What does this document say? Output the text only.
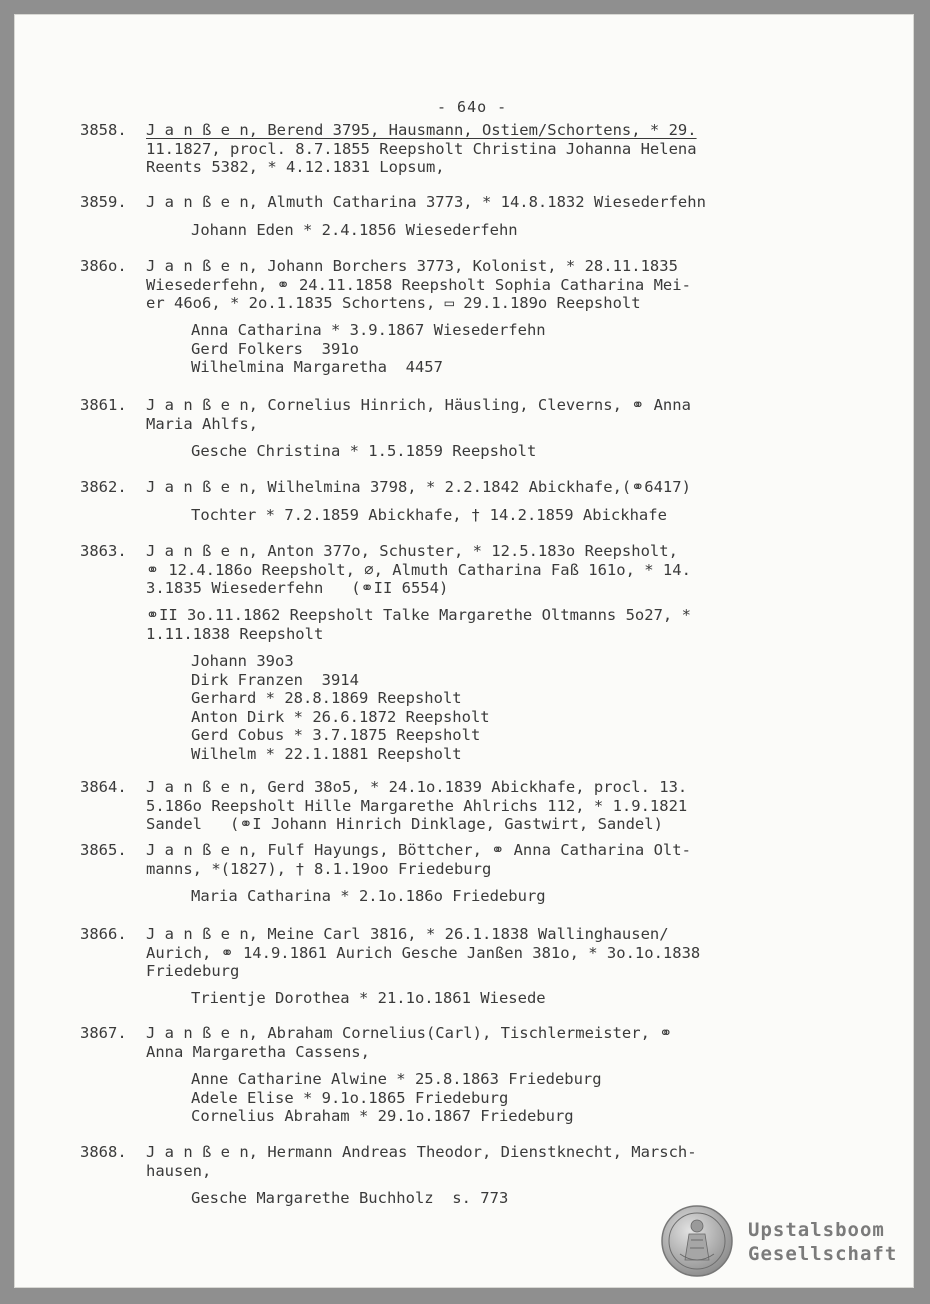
- 64o -
3858. J a n ß e n, Berend 3795, Hausmann, Ostiem/Schortens, * 29.
11.1827, procl. 8.7.1855 Reepsholt Christina Johanna Helena
Reents 5382, * 4.12.1831 Lopsum,
3859. J a n ß e n, Almuth Catharina 3773, * 14.8.1832 Wiesederfehn
Johann Eden * 2.4.1856 Wiesederfehn
386o. J a n ß e n, Johann Borchers 3773, Kolonist, * 28.11.1835
Wiesederfehn, ⚭ 24.11.1858 Reepsholt Sophia Catharina Mei-
er 46o6, * 2o.1.1835 Schortens, ▭ 29.1.189o Reepsholt
Anna Catharina * 3.9.1867 Wiesederfehn
Gerd Folkers  391o
Wilhelmina Margaretha  4457
3861. J a n ß e n, Cornelius Hinrich, Häusling, Cleverns, ⚭ Anna
Maria Ahlfs,
Gesche Christina * 1.5.1859 Reepsholt
3862. J a n ß e n, Wilhelmina 3798, * 2.2.1842 Abickhafe,(⚭6417)
Tochter * 7.2.1859 Abickhafe, † 14.2.1859 Abickhafe
3863. J a n ß e n, Anton 377o, Schuster, * 12.5.183o Reepsholt,
⚭ 12.4.186o Reepsholt, ∅, Almuth Catharina Faß 161o, * 14.
3.1835 Wiesederfehn   (⚭II 6554)
⚭II 3o.11.1862 Reepsholt Talke Margarethe Oltmanns 5o27, *
1.11.1838 Reepsholt
Johann 39o3
Dirk Franzen  3914
Gerhard * 28.8.1869 Reepsholt
Anton Dirk * 26.6.1872 Reepsholt
Gerd Cobus * 3.7.1875 Reepsholt
Wilhelm * 22.1.1881 Reepsholt
3864. J a n ß e n, Gerd 38o5, * 24.1o.1839 Abickhafe, procl. 13.
5.186o Reepsholt Hille Margarethe Ahlrichs 112, * 1.9.1821
Sandel   (⚭I Johann Hinrich Dinklage, Gastwirt, Sandel)
3865. J a n ß e n, Fulf Hayungs, Böttcher, ⚭ Anna Catharina Olt-
manns, *(1827), † 8.1.19oo Friedeburg
Maria Catharina * 2.1o.186o Friedeburg
3866. J a n ß e n, Meine Carl 3816, * 26.1.1838 Wallinghausen/
Aurich, ⚭ 14.9.1861 Aurich Gesche Janßen 381o, * 3o.1o.1838
Friedeburg
Trientje Dorothea * 21.1o.1861 Wiesede
3867. J a n ß e n, Abraham Cornelius(Carl), Tischlermeister, ⚭
Anna Margaretha Cassens,
Anne Catharine Alwine * 25.8.1863 Friedeburg
Adele Elise * 9.1o.1865 Friedeburg
Cornelius Abraham * 29.1o.1867 Friedeburg
3868. J a n ß e n, Hermann Andreas Theodor, Dienstknecht, Marsch-
hausen,
Gesche Margarethe Buchholz  s. 773
Upstalsboom
Gesellschaft
